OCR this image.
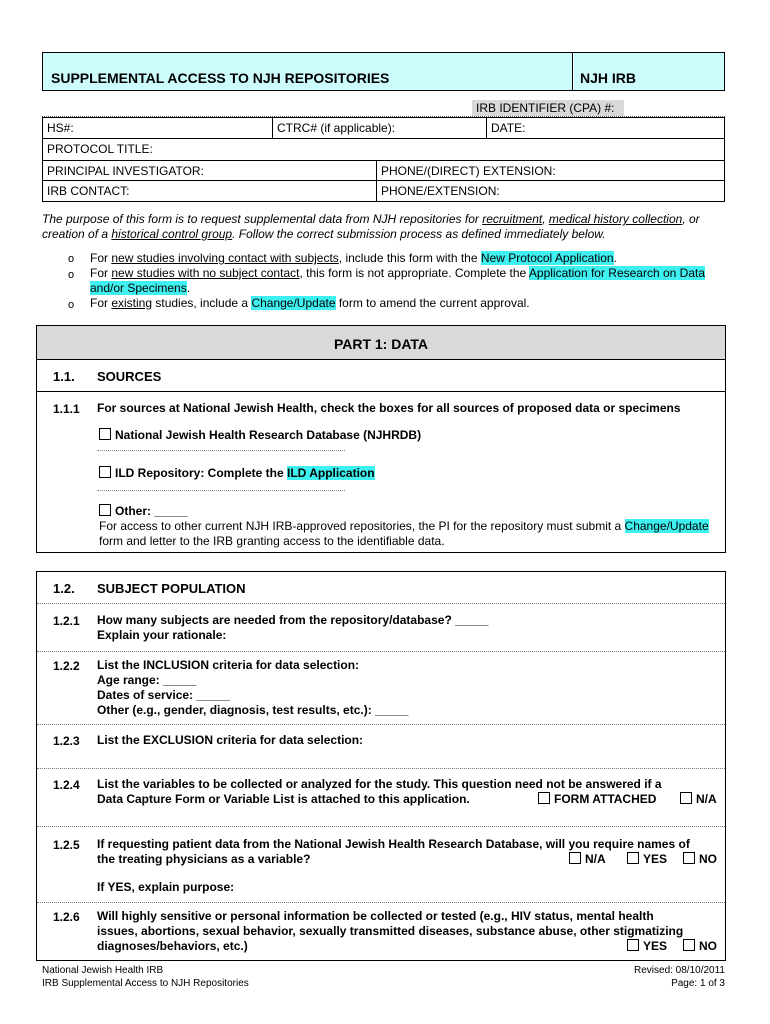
SUPPLEMENTAL ACCESS TO NJH REPOSITORIES	NJH IRB
IRB IDENTIFIER (CPA) #:
HS#:	CTRC# (if applicable):	DATE:
PROTOCOL TITLE:
PRINCIPAL INVESTIGATOR:	PHONE/(DIRECT) EXTENSION:
IRB CONTACT:	PHONE/EXTENSION:
The purpose of this form is to request supplemental data from NJH repositories for recruitment, medical history collection, or creation of a historical control group. Follow the correct submission process as defined immediately below.
o For new studies involving contact with subjects, include this form with the New Protocol Application.
o For new studies with no subject contact, this form is not appropriate. Complete the Application for Research on Data and/or Specimens.
o For existing studies, include a Change/Update form to amend the current approval.
PART 1: DATA
1.1. SOURCES
1.1.1 For sources at National Jewish Health, check the boxes for all sources of proposed data or specimens
National Jewish Health Research Database (NJHRDB)
ILD Repository: Complete the ILD Application
Other: _____
For access to other current NJH IRB-approved repositories, the PI for the repository must submit a Change/Update form and letter to the IRB granting access to the identifiable data.
1.2. SUBJECT POPULATION
1.2.1 How many subjects are needed from the repository/database? _____
Explain your rationale:
1.2.2 List the INCLUSION criteria for data selection:
Age range: _____
Dates of service: _____
Other (e.g., gender, diagnosis, test results, etc.): _____
1.2.3 List the EXCLUSION criteria for data selection:
1.2.4 List the variables to be collected or analyzed for the study. This question need not be answered if a
Data Capture Form or Variable List is attached to this application.	FORM ATTACHED	N/A
1.2.5 If requesting patient data from the National Jewish Health Research Database, will you require names of
the treating physicians as a variable?	N/A	YES	NO
If YES, explain purpose:
1.2.6 Will highly sensitive or personal information be collected or tested (e.g., HIV status, mental health
issues, abortions, sexual behavior, sexually transmitted diseases, substance abuse, other stigmatizing
diagnoses/behaviors, etc.)	YES	NO
National Jewish Health IRB
IRB Supplemental Access to NJH Repositories
Revised: 08/10/2011
Page: 1 of 3
